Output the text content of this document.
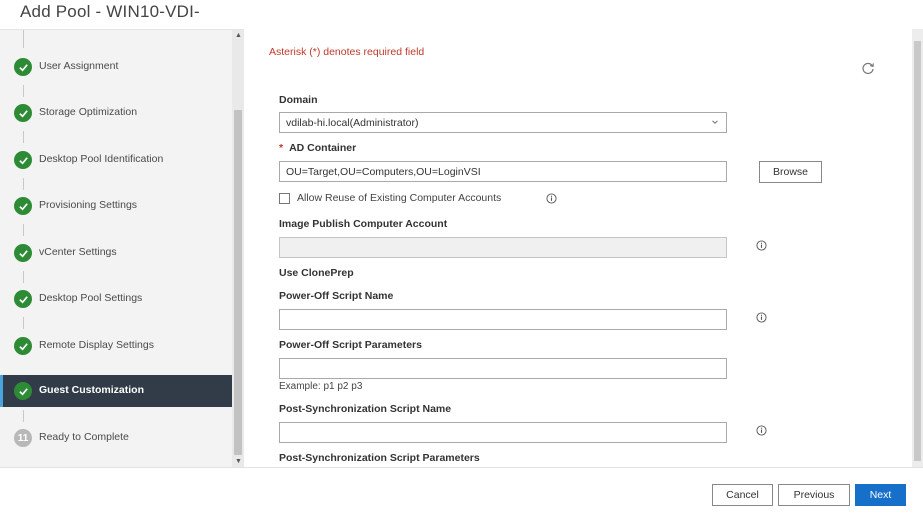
Add Pool - WIN10-VDI-
User Assignment
Storage Optimization
Desktop Pool Identification
Provisioning Settings
vCenter Settings
Desktop Pool Settings
Remote Display Settings
Guest Customization
11	Ready to Complete
▲
▼
Asterisk (*) denotes required field
Domain
vdilab-hi.local(Administrator)
* AD Container
OU=Target,OU=Computers,OU=LoginVSI	Browse
Allow Reuse of Existing Computer Accounts
Image Publish Computer Account
Use ClonePrep
Power-Off Script Name
Power-Off Script Parameters
Example: p1 p2 p3
Post-Synchronization Script Name
Post-Synchronization Script Parameters
Cancel	Previous	Next
